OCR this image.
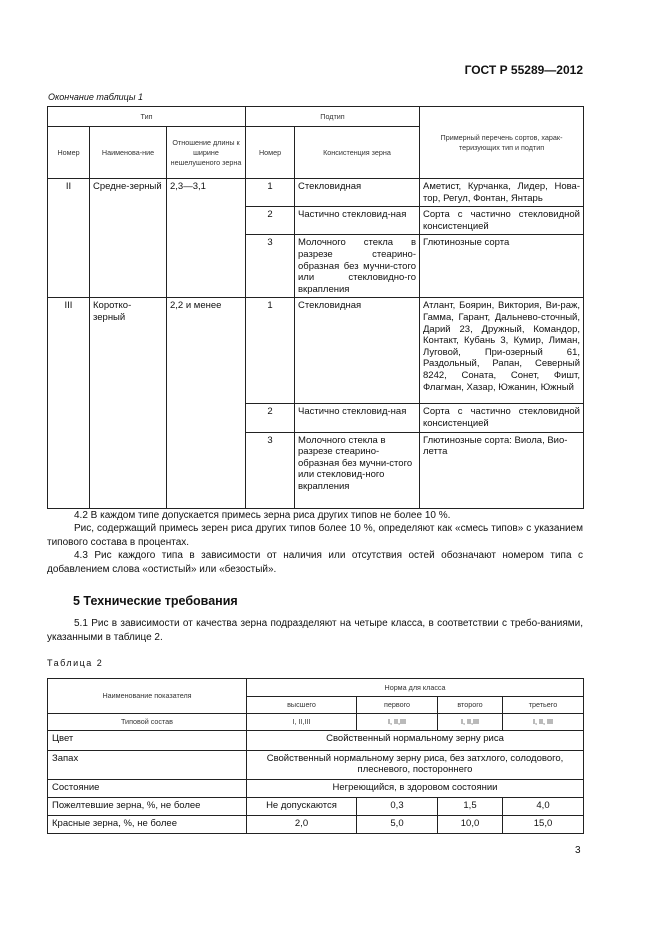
ГОСТ Р 55289—2012
Окончание таблицы 1
Тип			Подтип		Примерный перечень сортов, харак-теризующих тип и подтип
Номер	Наименова-ние	Отношение длины к ширине нешелушеного зерна	Номер	Консистенция зерна	
II	Средне-зерный	2,3—3,1	1	Стекловидная	Аметист, Курчанка, Лидер, Нова-тор, Регул, Фонтан, Янтарь
			2	Частично стекловид-ная	Сорта с частично стекловидной консистенцией
			3	Молочного стекла в разрезе стеарино-образная без мучни-стого или стекловидно-го вкрапления	Глютинозные сорта
III	Коротко-зерный	2,2 и менее	1	Стекловидная	Атлант, Боярин, Виктория, Ви-раж, Гамма, Гарант, Дальнево-сточный, Дарий 23, Дружный, Командор, Контакт, Кубань 3, Кумир, Лиман, Луговой, При-озерный 61, Раздольный, Рапан, Северный 8242, Соната, Сонет, Фишт, Флагман, Хазар, Южанин, Южный
			2	Частично стекловид-ная	Сорта с частично стекловидной консистенцией
			3	Молочного стекла в разрезе стеарино-образная без мучни-стого или стекловид-ного вкрапления	Глютинозные сорта: Виола, Вио-летта

4.2 В каждом типе допускается примесь зерна риса других типов не более 10 %.

Рис, содержащий примесь зерен риса других типов более 10 %, определяют как «смесь типов» с указанием типового состава в процентах.

4.3 Рис каждого типа в зависимости от наличия или отсутствия остей обозначают номером типа с добавлением слова «остистый» или «безостый».

5 Технические требования

5.1 Рис в зависимости от качества зерна подразделяют на четыре класса, в соответствии с требо-ваниями, указанными в таблице 2.

Таблица 2
Наименование показателя	Норма для класса			
	высшего	первого	второго	третьего
Типовой состав	I, II,III	I, II,III	I, II,III	I, II, III
Цвет	Свойственный нормальному зерну риса			
Запах	Свойственный нормальному зерну риса, без затхлого, солодового, плесневого, постороннего			
Состояние	Негреющийся, в здоровом состоянии			
Пожелтевшие зерна, %, не более	Не допускаются	0,3	1,5	4,0
Красные зерна, %, не более	2,0	5,0	10,0	15,0
3
